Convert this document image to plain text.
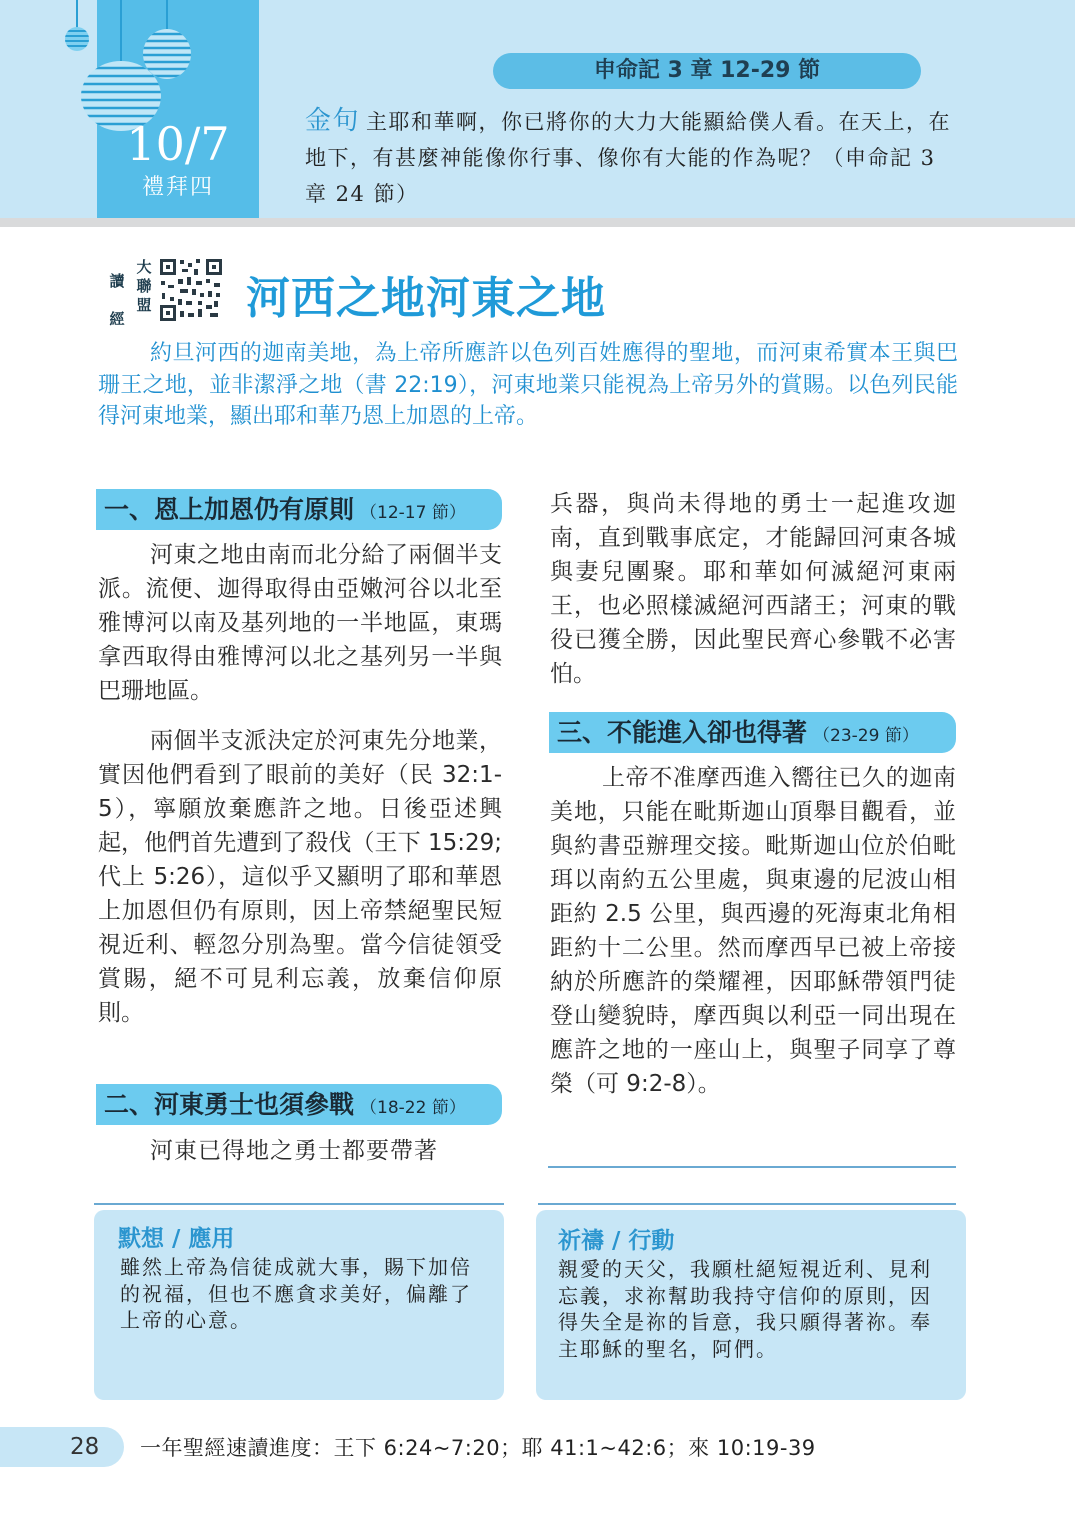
10/7
禮拜四
申命記 3 章 12-29 節
金句 主耶和華啊，你已將你的大力大能顯給僕人看。在天上，在地下，有甚麼神能像你行事、像你有大能的作為呢？（申命記 3 章 24 節）
讀
經
大
聯
盟 河西之地河東之地

約旦河西的迦南美地，為上帝所應許以色列百姓應得的聖地，而河東希實本王與巴珊王之地，並非潔淨之地（書 22:19），河東地業只能視為上帝另外的賞賜。以色列民能得河東地業，顯出耶和華乃恩上加恩的上帝。

一、恩上加恩仍有原則 （12-17 節）

河東之地由南而北分給了兩個半支派。流便、迦得取得由亞嫩河谷以北至雅博河以南及基列地的一半地區，東瑪拿西取得由雅博河以北之基列另一半與巴珊地區。

兩個半支派決定於河東先分地業，實因他們看到了眼前的美好（民 32:1-5），寧願放棄應許之地。日後亞述興起，他們首先遭到了殺伐（王下 15:29; 代上 5:26），這似乎又顯明了耶和華恩上加恩但仍有原則，因上帝禁絕聖民短視近利、輕忽分別為聖。當今信徒領受賞賜，絕不可見利忘義，放棄信仰原則。

二、河東勇士也須參戰 （18-22 節）

河東已得地之勇士都要帶著

兵器，與尚未得地的勇士一起進攻迦南，直到戰事底定，才能歸回河東各城與妻兒團聚。耶和華如何滅絕河東兩王，也必照樣滅絕河西諸王；河東的戰役已獲全勝，因此聖民齊心參戰不必害怕。

三、不能進入卻也得著 （23-29 節）

上帝不准摩西進入嚮往已久的迦南美地，只能在毗斯迦山頂舉目觀看，並與約書亞辦理交接。毗斯迦山位於伯毗珥以南約五公里處，與東邊的尼波山相距約 2.5 公里，與西邊的死海東北角相距約十二公里。然而摩西早已被上帝接納於所應許的榮耀裡，因耶穌帶領門徒登山變貌時，摩西與以利亞一同出現在應許之地的一座山上，與聖子同享了尊榮（可 9:2-8）。

默想 / 應用

雖然上帝為信徒成就大事，賜下加倍的祝福，但也不應貪求美好，偏離了上帝的心意。

祈禱 / 行動

親愛的天父，我願杜絕短視近利、見利忘義，求祢幫助我持守信仰的原則，因得失全是祢的旨意，我只願得著祢。奉主耶穌的聖名，阿們。

28 一年聖經速讀進度：王下 6:24~7:20；耶 41:1~42:6；來 10:19-39
